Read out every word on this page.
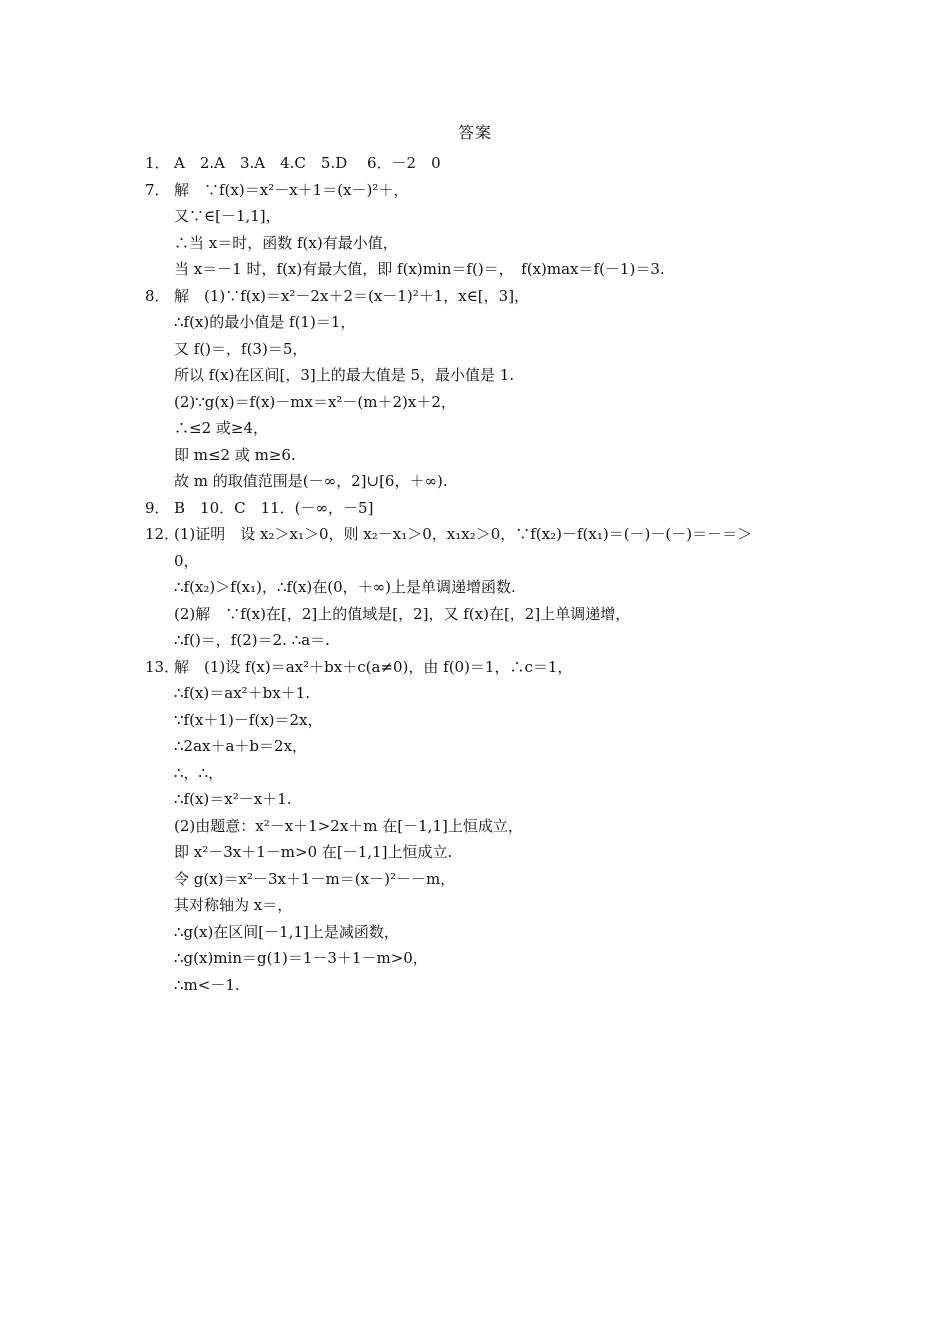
答案
1． A　2.A　3.A　4.C　5.D　 6．－2　0
7． 解　∵f(x)＝x²－x＋1＝(x－)²＋，
又∵∈[－1,1]，
∴当 x＝时，函数 f(x)有最小值，
当 x＝－1 时，f(x)有最大值，即 f(x)min＝f()＝，　f(x)max＝f(－1)＝3.
8． 解　(1)∵f(x)＝x²－2x＋2＝(x－1)²＋1，x∈[，3]，
∴f(x)的最小值是 f(1)＝1，
又 f()＝，f(3)＝5，
所以 f(x)在区间[，3]上的最大值是 5，最小值是 1.
(2)∵g(x)＝f(x)－mx＝x²－(m＋2)x＋2，
∴≤2 或≥4，
即 m≤2 或 m≥6.
故 m 的取值范围是(－∞，2]∪[6，＋∞).
9． B　10．C　11．(－∞，－5]
12．
(1)证明　设 x₂＞x₁＞0，则 x₂－x₁＞0，x₁x₂＞0，∵f(x₂)－f(x₁)＝(－)－(－)＝－＝＞
0，
∴f(x₂)＞f(x₁)，∴f(x)在(0，＋∞)上是单调递增函数.
(2)解　∵f(x)在[，2]上的值域是[，2]，又 f(x)在[，2]上单调递增，
∴f()＝，f(2)＝2. ∴a＝.
13．
解　(1)设 f(x)＝ax²＋bx＋c(a≠0)，由 f(0)＝1，∴c＝1，
∴f(x)＝ax²＋bx＋1.
∵f(x＋1)－f(x)＝2x，
∴2ax＋a＋b＝2x，
∴，∴，
∴f(x)＝x²－x＋1.
(2)由题意：x²－x＋1>2x＋m 在[－1,1]上恒成立，
即 x²－3x＋1－m>0 在[－1,1]上恒成立.
令 g(x)＝x²－3x＋1－m＝(x－)²－－m，
其对称轴为 x＝，
∴g(x)在区间[－1,1]上是减函数，
∴g(x)min＝g(1)＝1－3＋1－m>0，
∴m<－1.
